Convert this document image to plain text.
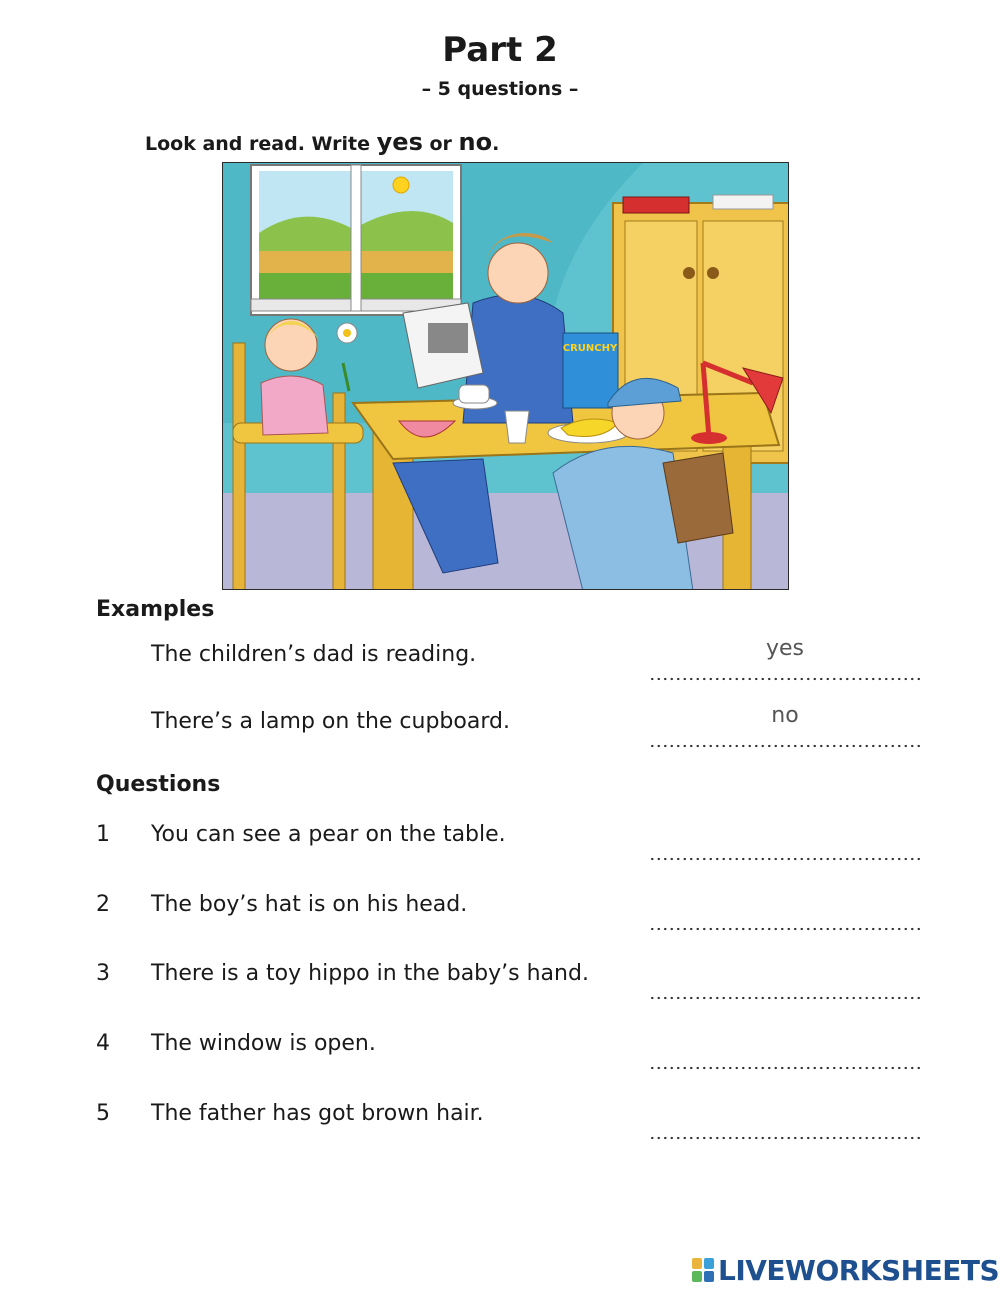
Part 2
– 5 questions –
Look and read. Write yes or no.
CRUNCHY
Examples
The children’s dad is reading.	yes
There’s a lamp on the cupboard.	no
Questions
1 You can see a pear on the table.
2 The boy’s hat is on his head.
3 There is a toy hippo in the baby’s hand.
4 The window is open.
5 The father has got brown hair.
LIVEWORKSHEETS
